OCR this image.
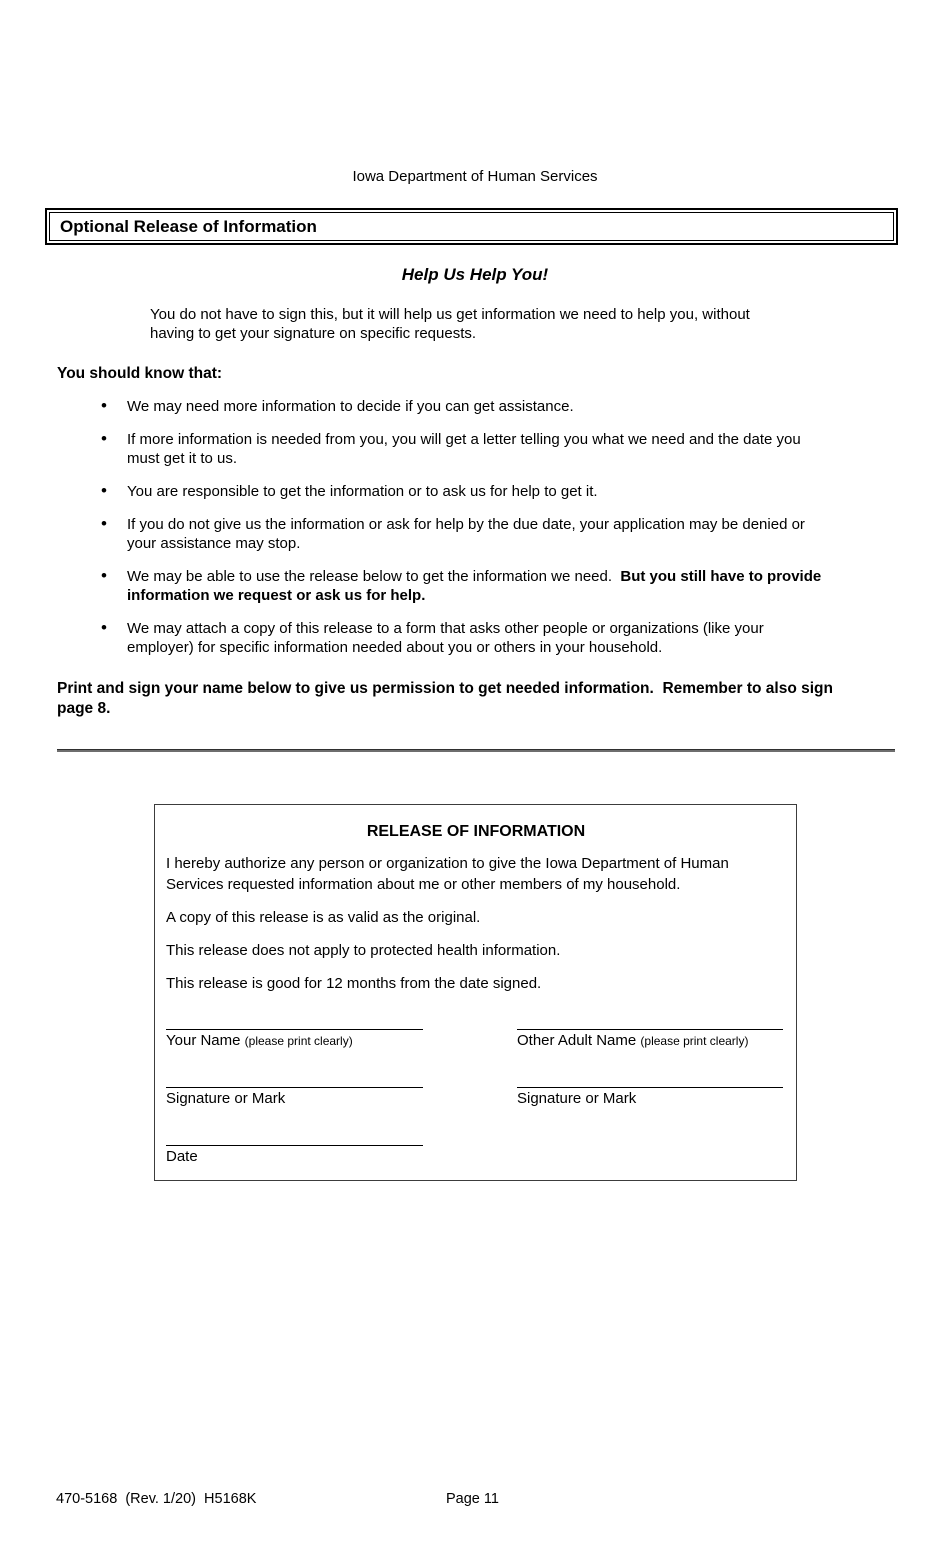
Iowa Department of Human Services
Optional Release of Information
Help Us Help You!
You do not have to sign this, but it will help us get information we need to help you, without having to get your signature on specific requests.
You should know that:
• We may need more information to decide if you can get assistance.
• If more information is needed from you, you will get a letter telling you what we need and the date you must get it to us.
• You are responsible to get the information or to ask us for help to get it.
• If you do not give us the information or ask for help by the due date, your application may be denied or your assistance may stop.
• We may be able to use the release below to get the information we need.  But you still have to provide information we request or ask us for help.
• We may attach a copy of this release to a form that asks other people or organizations (like your employer) for specific information needed about you or others in your household.
Print and sign your name below to give us permission to get needed information.  Remember to also sign page 8.
RELEASE OF INFORMATION
I hereby authorize any person or organization to give the Iowa Department of Human Services requested information about me or other members of my household.
A copy of this release is as valid as the original.
This release does not apply to protected health information.
This release is good for 12 months from the date signed.
Your Name (please print clearly)	Other Adult Name (please print clearly)
Signature or Mark	Signature or Mark
Date
470-5168  (Rev. 1/20)  H5168K	Page 11
